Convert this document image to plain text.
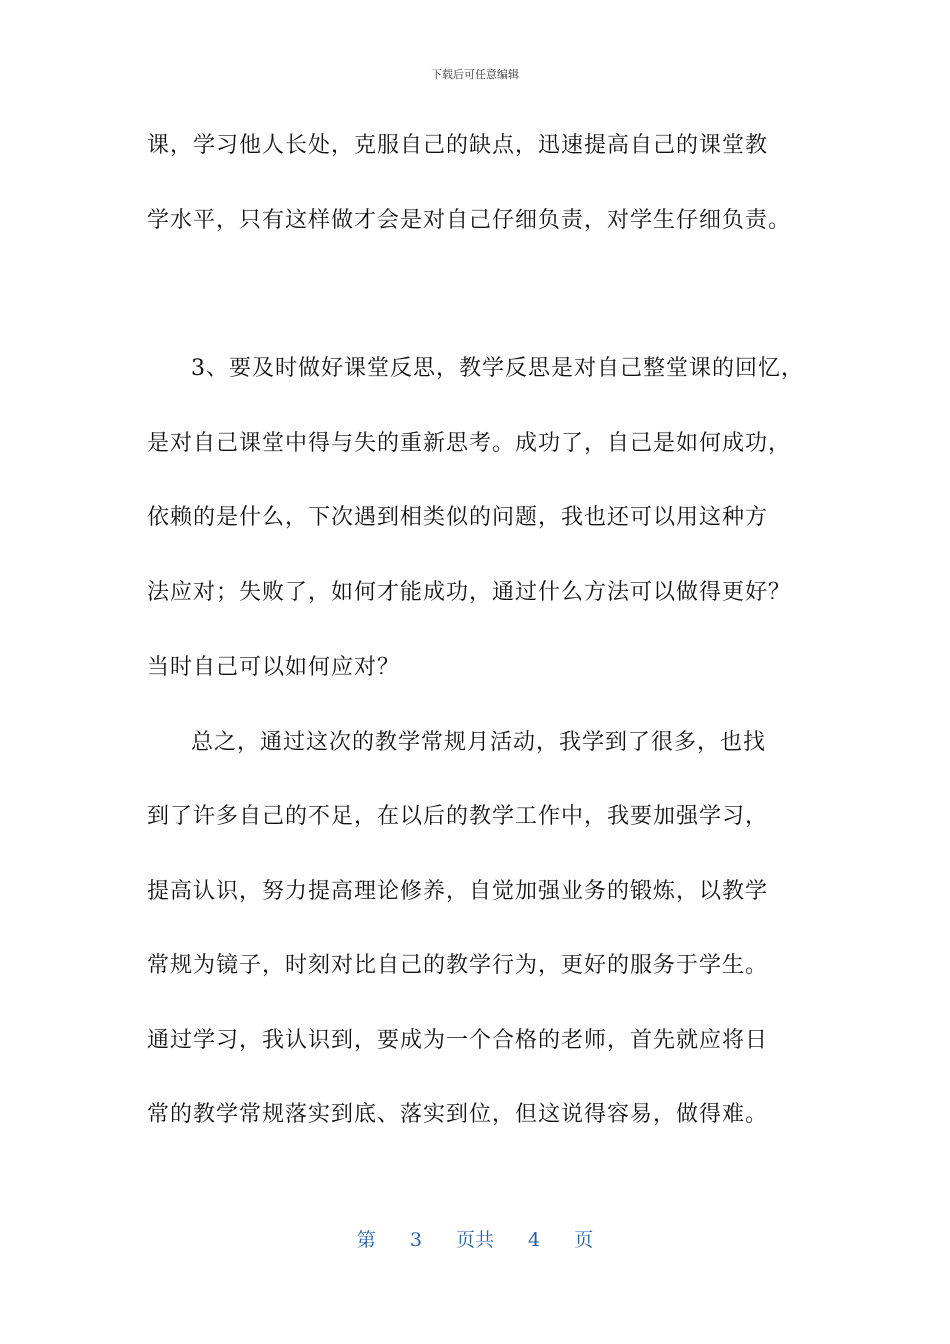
下载后可任意编辑
课，学习他人长处，克服自己的缺点，迅速提高自己的课堂教
学水平，只有这样做才会是对自己仔细负责，对学生仔细负责。
3、要及时做好课堂反思，教学反思是对自己整堂课的回忆，
是对自己课堂中得与失的重新思考。成功了，自己是如何成功，
依赖的是什么，下次遇到相类似的问题，我也还可以用这种方
法应对；失败了，如何才能成功，通过什么方法可以做得更好？
当时自己可以如何应对？
总之，通过这次的教学常规月活动，我学到了很多，也找
到了许多自己的不足，在以后的教学工作中，我要加强学习，
提高认识，努力提高理论修养，自觉加强业务的锻炼，以教学
常规为镜子，时刻对比自己的教学行为，更好的服务于学生。
通过学习，我认识到，要成为一个合格的老师，首先就应将日
常的教学常规落实到底、落实到位，但这说得容易，做得难。
第 3 页共 4 页
